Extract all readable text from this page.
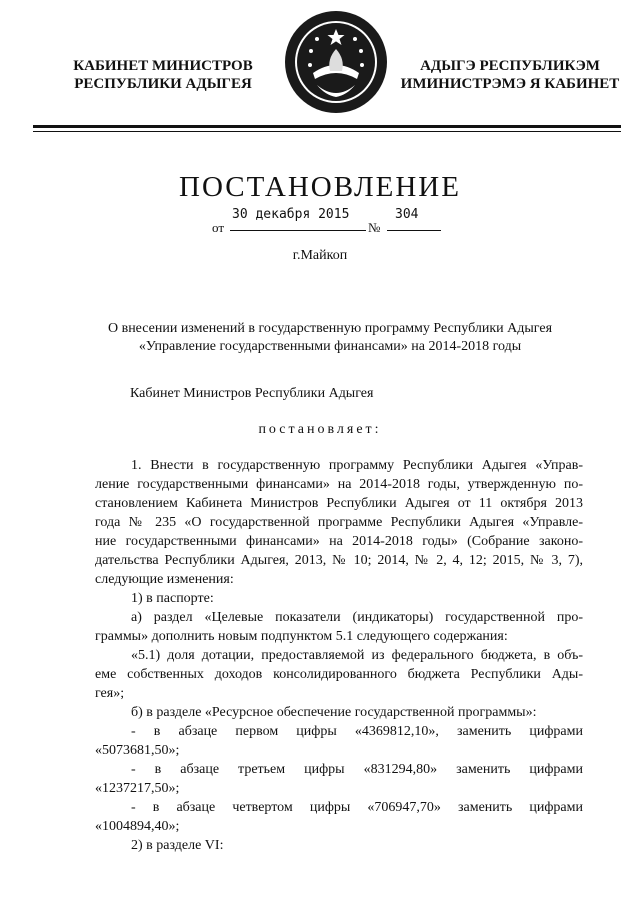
КАБИНЕТ МИНИСТРОВ
РЕСПУБЛИКИ АДЫГЕЯ
АДЫГЭ РЕСПУБЛИКЭМ
ИМИНИСТРЭМЭ Я КАБИНЕТ
ПОСТАНОВЛЕНИЕ
от
30 декабря 2015
№
304
г.Майкоп
О внесении изменений в государственную программу Республики Адыгея
«Управление государственными финансами» на 2014-2018 годы
Кабинет Министров Республики Адыгея
постановляет:

1. Внести в государственную программу Республики Адыгея «Управ-

ление государственными финансами» на 2014-2018 годы, утвержденную по-

становлением Кабинета Министров Республики Адыгея от 11 октября 2013

года № 235 «О государственной программе Республики Адыгея «Управле-

ние государственными финансами» на 2014-2018 годы» (Собрание законо-

дательства Республики Адыгея, 2013, № 10; 2014, № 2, 4, 12; 2015, № 3, 7),

следующие изменения:

1) в паспорте:

а) раздел «Целевые показатели (индикаторы) государственной про-

граммы» дополнить новым подпунктом 5.1 следующего содержания:

«5.1) доля дотации, предоставляемой из федерального бюджета, в объ-

еме собственных доходов консолидированного бюджета Республики Ады-

гея»;

б) в разделе «Ресурсное обеспечение государственной программы»:

- в абзаце первом цифры «4369812,10», заменить цифрами

«5073681,50»;

- в абзаце третьем цифры «831294,80» заменить цифрами

«1237217,50»;

- в абзаце четвертом цифры «706947,70» заменить цифрами

«1004894,40»;

2) в разделе VI:
